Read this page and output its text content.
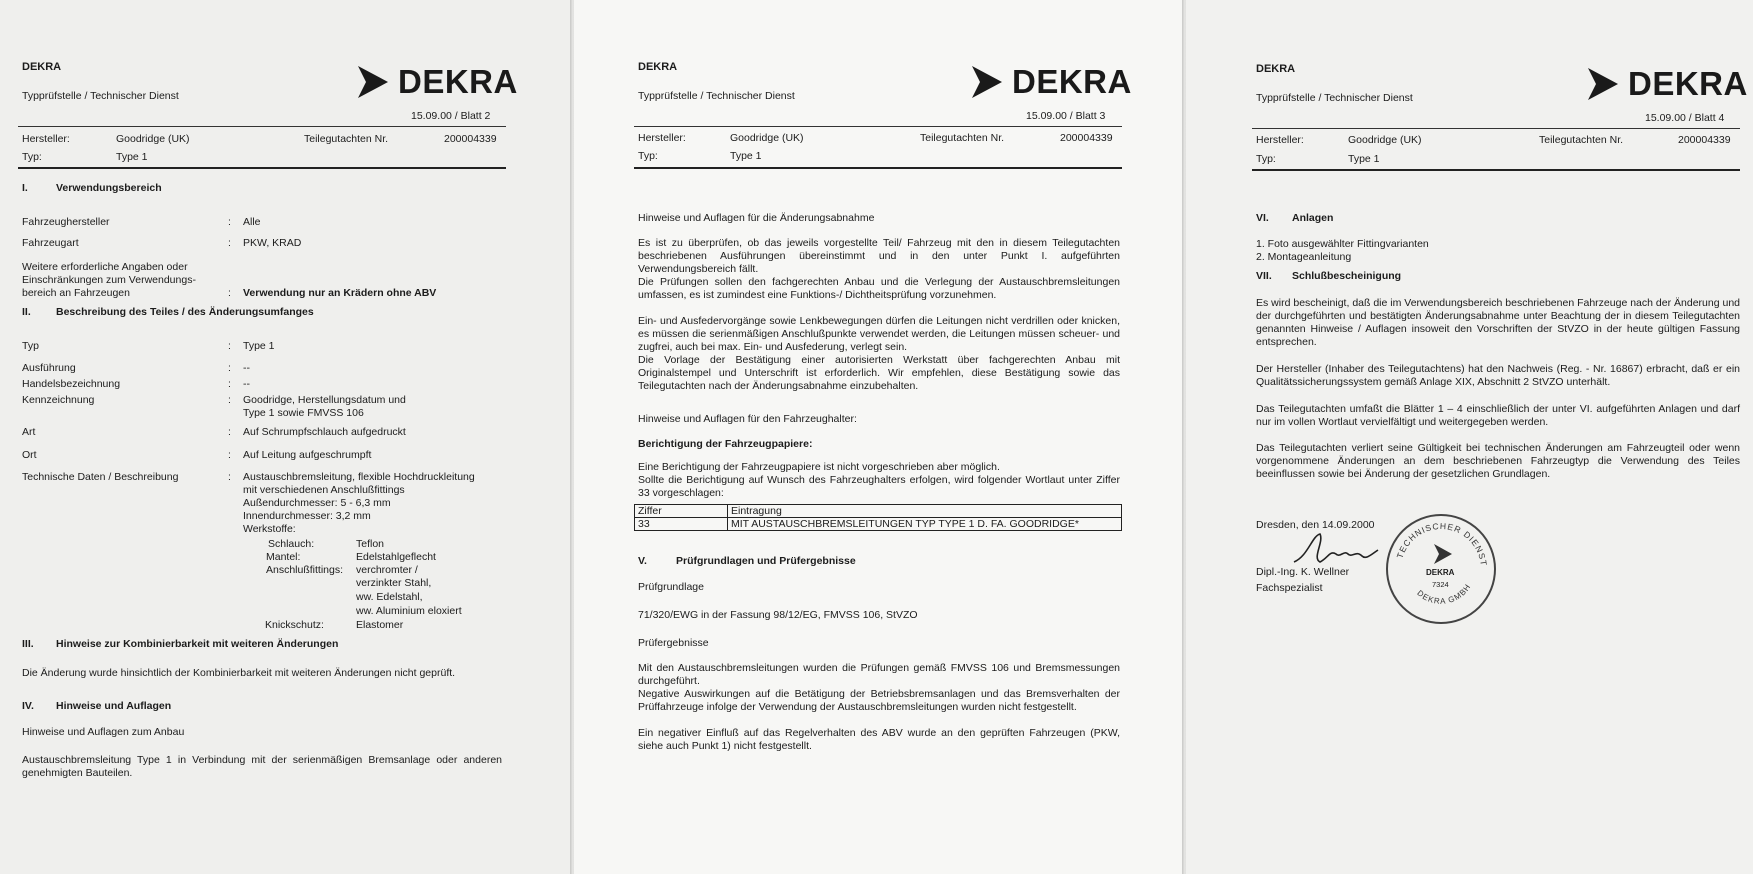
DEKRA
Typprüfstelle / Technischer Dienst	DEKRA
15.09.00 / Blatt 2
Hersteller:	Goodridge (UK)	Teilegutachten Nr.	200004339
Typ:	Type 1
I.	Verwendungsbereich
Fahrzeughersteller	: Alle
Fahrzeugart	: PKW, KRAD
Weitere erforderliche Angaben oder
Einschränkungen zum Verwendungs-
bereich an Fahrzeugen	: Verwendung nur an Krädern ohne ABV
II. Beschreibung des Teiles / des Änderungsumfanges
Typ	: Type 1
Ausführung	: --
Handelsbezeichnung	: --
Kennzeichnung	: Goodridge, Herstellungsdatum und
Type 1 sowie FMVSS 106
Art	: Auf Schrumpfschlauch aufgedruckt
Ort	: Auf Leitung aufgeschrumpft
Technische Daten / Beschreibung	: Austauschbremsleitung, flexible Hochdruckleitung
mit verschiedenen Anschlußfittings
Außendurchmesser: 5 - 6,3 mm
Innendurchmesser: 3,2 mm
Werkstoffe:
Schlauch:	Teflon
Mantel:	Edelstahlgeflecht
Anschlußfittings: verchromter /
verzinkter Stahl,
ww. Edelstahl,
ww. Aluminium eloxiert
Knickschutz:	Elastomer
III. Hinweise zur Kombinierbarkeit mit weiteren Änderungen
Die Änderung wurde hinsichtlich der Kombinierbarkeit mit weiteren Änderungen nicht geprüft.
IV. Hinweise und Auflagen
Hinweise und Auflagen zum Anbau
Austauschbremsleitung Type 1 in Verbindung mit der serienmäßigen Bremsanlage oder anderen genehmigten Bauteilen.
DEKRA
Typprüfstelle / Technischer Dienst	DEKRA
15.09.00 / Blatt 3
Hersteller:	Goodridge (UK)	Teilegutachten Nr.	200004339
Typ:	Type 1
Hinweise und Auflagen für die Änderungsabnahme
Es ist zu überprüfen, ob das jeweils vorgestellte Teil/ Fahrzeug mit den in diesem Teilegutachten beschriebenen Ausführungen übereinstimmt und in den unter Punkt I. aufgeführten Verwendungsbereich fällt.
Die Prüfungen sollen den fachgerechten Anbau und die Verlegung der Austauschbremsleitungen umfassen, es ist zumindest eine Funktions-/ Dichtheitsprüfung vorzunehmen.
Ein- und Ausfedervorgänge sowie Lenkbewegungen dürfen die Leitungen nicht verdrillen oder knicken, es müssen die serienmäßigen Anschlußpunkte verwendet werden, die Leitungen müssen scheuer- und zugfrei, auch bei max. Ein- und Ausfederung, verlegt sein.
Die Vorlage der Bestätigung einer autorisierten Werkstatt über fachgerechten Anbau mit Originalstempel und Unterschrift ist erforderlich. Wir empfehlen, diese Bestätigung sowie das Teilegutachten nach der Änderungsabnahme einzubehalten.
Hinweise und Auflagen für den Fahrzeughalter:
Berichtigung der Fahrzeugpapiere:
Eine Berichtigung der Fahrzeugpapiere ist nicht vorgeschrieben aber möglich.
Sollte die Berichtigung auf Wunsch des Fahrzeughalters erfolgen, wird folgender Wortlaut unter Ziffer 33 vorgeschlagen:
Ziffer	Eintragung
33	MIT AUSTAUSCHBREMSLEITUNGEN TYP TYPE 1 D. FA. GOODRIDGE*
V.	Prüfgrundlagen und Prüfergebnisse
Prüfgrundlage
71/320/EWG in der Fassung 98/12/EG, FMVSS 106, StVZO
Prüfergebnisse
Mit den Austauschbremsleitungen wurden die Prüfungen gemäß FMVSS 106 und Bremsmessungen durchgeführt.
Negative Auswirkungen auf die Betätigung der Betriebsbremsanlagen und das Bremsverhalten der Prüffahrzeuge infolge der Verwendung der Austauschbremsleitungen wurden nicht festgestellt.
Ein negativer Einfluß auf das Regelverhalten des ABV wurde an den geprüften Fahrzeugen (PKW, siehe auch Punkt 1) nicht festgestellt.
DEKRA
Typprüfstelle / Technischer Dienst	DEKRA
15.09.00 / Blatt 4
Hersteller:	Goodridge (UK)	Teilegutachten Nr.	200004339
Typ:	Type 1
VI. Anlagen
1. Foto ausgewählter Fittingvarianten
2. Montageanleitung
VII. Schlußbescheinigung
Es wird bescheinigt, daß die im Verwendungsbereich beschriebenen Fahrzeuge nach der Änderung und der durchgeführten und bestätigten Änderungsabnahme unter Beachtung der in diesem Teilegutachten genannten Hinweise / Auflagen insoweit den Vorschriften der StVZO in der heute gültigen Fassung entsprechen.
Der Hersteller (Inhaber des Teilegutachtens) hat den Nachweis (Reg. - Nr. 16867) erbracht, daß er ein Qualitätssicherungssystem gemäß Anlage XIX, Abschnitt 2 StVZO unterhält.
Das Teilegutachten umfaßt die Blätter 1 – 4 einschließlich der unter VI. aufgeführten Anlagen und darf nur im vollen Wortlaut vervielfältigt und weitergegeben werden.
Das Teilegutachten verliert seine Gültigkeit bei technischen Änderungen am Fahrzeugteil oder wenn vorgenommene Änderungen an dem beschriebenen Fahrzeugtyp die Verwendung des Teiles beeinflussen sowie bei Änderung der gesetzlichen Grundlagen.
Dresden, den 14.09.2000
Dipl.-Ing. K. Wellner
Fachspezialist
TECHNISCHER DIENST
DEKRA GMBH
DEKRA
7324
